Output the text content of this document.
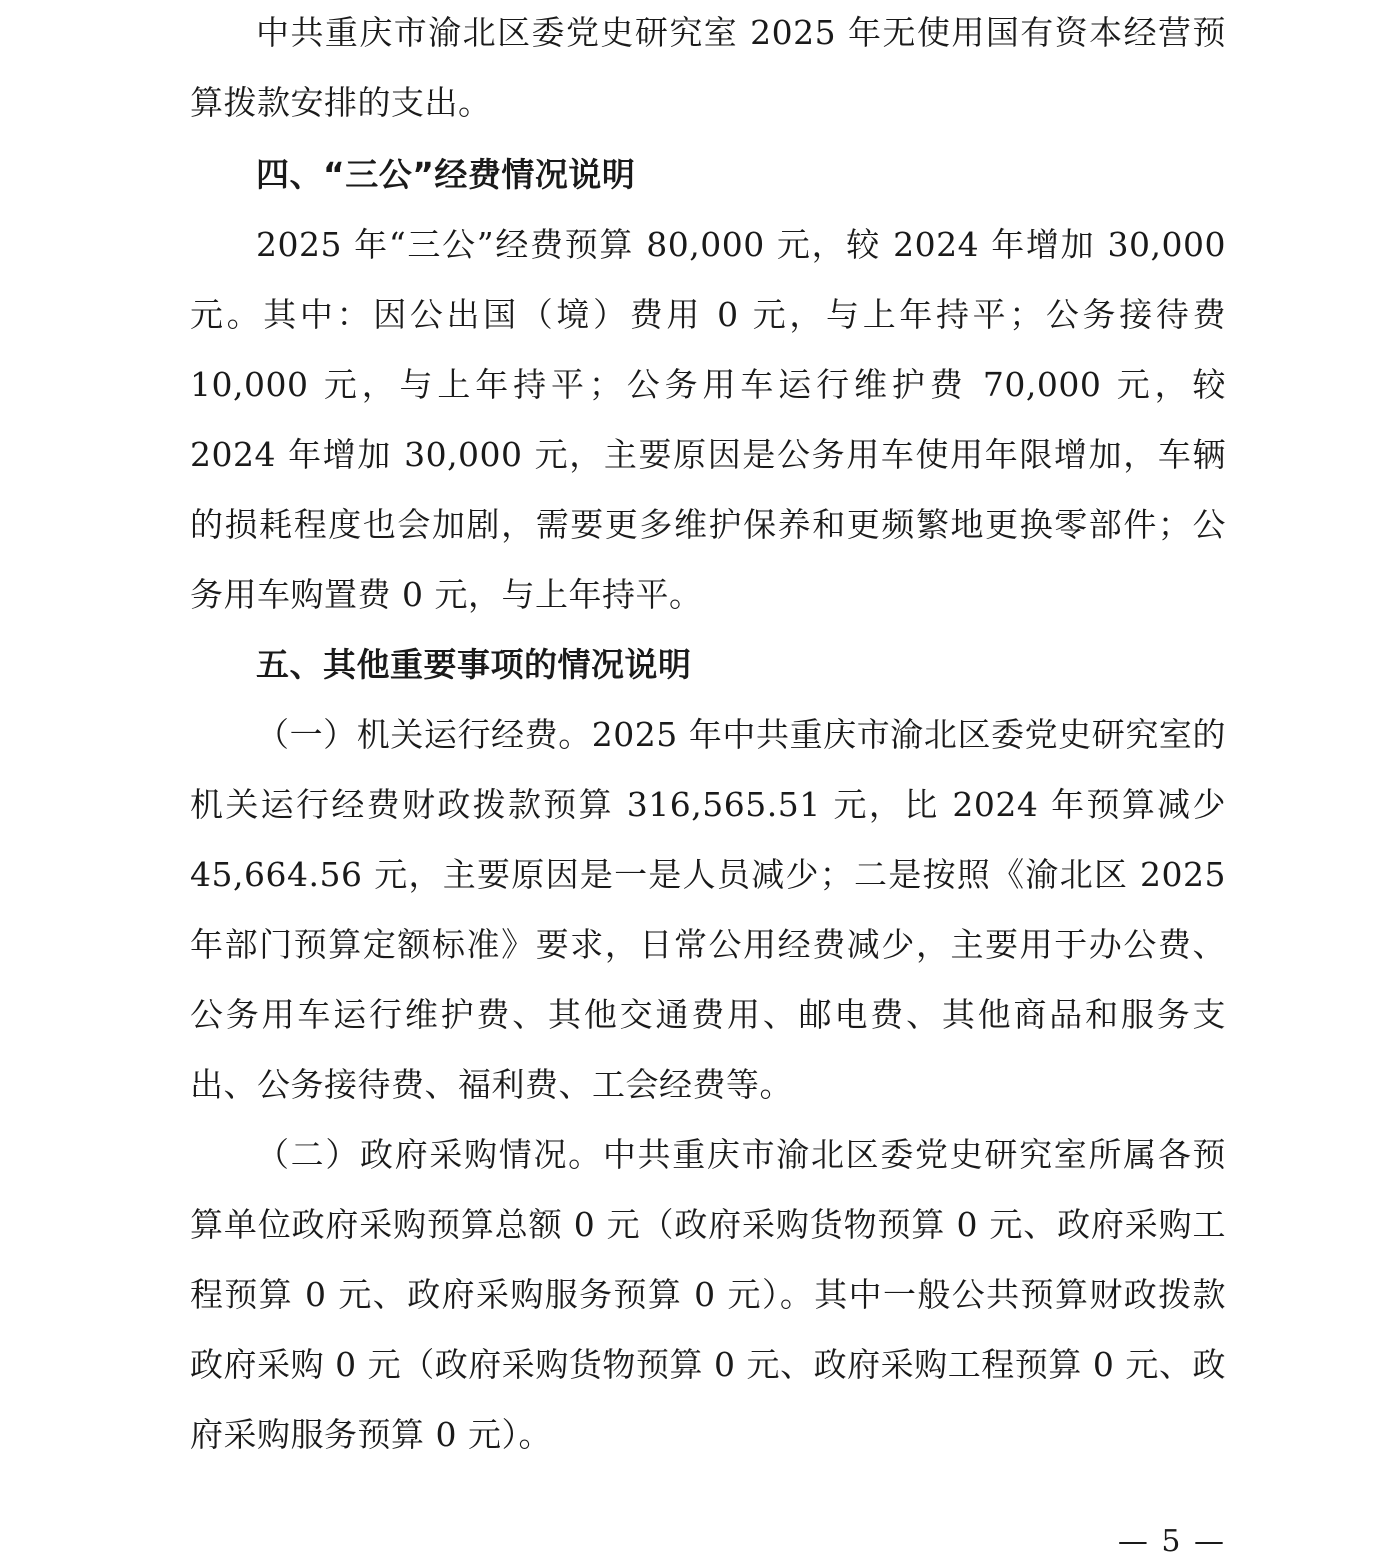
中共重庆市渝北区委党史研究室 2025 年无使用国有资本经营预算拨款安排的支出。

四、“三公”经费情况说明

2025 年“三公”经费预算 80,000 元，较 2024 年增加 30,000 元。其中：因公出国（境）费用 0 元，与上年持平；公务接待费 10,000 元，与上年持平；公务用车运行维护费 70,000 元，较 2024 年增加 30,000 元，主要原因是公务用车使用年限增加，车辆的损耗程度也会加剧，需要更多维护保养和更频繁地更换零部件；公务用车购置费 0 元，与上年持平。

五、其他重要事项的情况说明

（一）机关运行经费。2025 年中共重庆市渝北区委党史研究室的机关运行经费财政拨款预算 316,565.51 元，比 2024 年预算减少 45,664.56 元，主要原因是一是人员减少；二是按照《渝北区 2025 年部门预算定额标准》要求，日常公用经费减少，主要用于办公费、公务用车运行维护费、其他交通费用、邮电费、其他商品和服务支出、公务接待费、福利费、工会经费等。

（二）政府采购情况。中共重庆市渝北区委党史研究室所属各预算单位政府采购预算总额 0 元（政府采购货物预算 0 元、政府采购工程预算 0 元、政府采购服务预算 0 元）。其中一般公共预算财政拨款政府采购 0 元（政府采购货物预算 0 元、政府采购工程预算 0 元、政府采购服务预算 0 元）。

— 5 —
